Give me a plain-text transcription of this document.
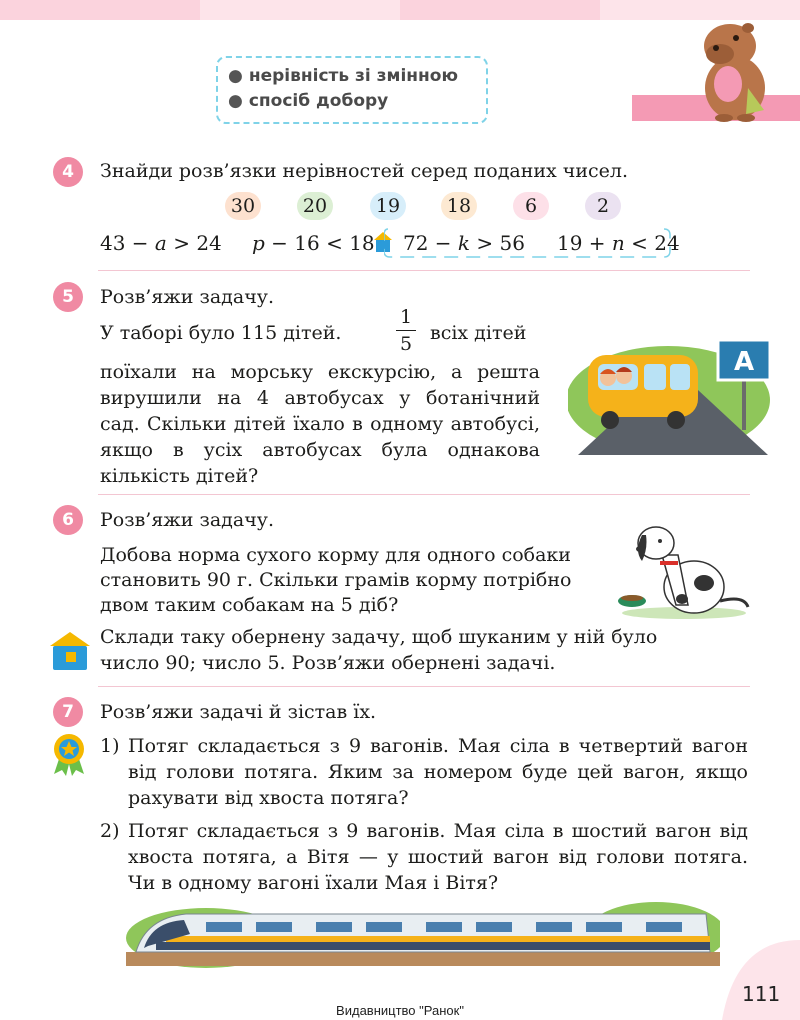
● нерівність зі змінною
● спосіб добору
4	Знайди розв’язки нерівностей серед поданих чисел.
30	20	19	18	6	2
43 − a > 24 p − 16 < 18 72 − k > 56 19 + n < 24
5	Розв’яжи задачу.
У таборі було 115 дітей.
1
5 всіх дітей
поїхали на морську екскурсію, а решта
вирушили на 4 автобусах у ботанічний
сад. Скільки дітей їхало в одному автобусі,
якщо в усіх автобусах була однакова
кількість дітей?
A
6	Розв’яжи задачу.
Добова норма сухого корму для одного собаки
становить 90 г. Скільки грамів корму потрібно
двом таким собакам на 5 діб?
Склади таку обернену задачу, щоб шуканим у ній було
число 90; число 5. Розв’яжи обернені задачі.
7	Розв’яжи задачі й зістав їх.
1) Потяг складається з 9 вагонів. Мая сіла в четвертий вагон
від голови потяга. Яким за номером буде цей вагон, якщо
рахувати від хвоста потяга?
2) Потяг складається з 9 вагонів. Мая сіла в шостий вагон від
хвоста потяга, а Вітя — у шостий вагон від голови потяга.
Чи в одному вагоні їхали Мая і Вітя?
111
Видавництво "Ранок"
